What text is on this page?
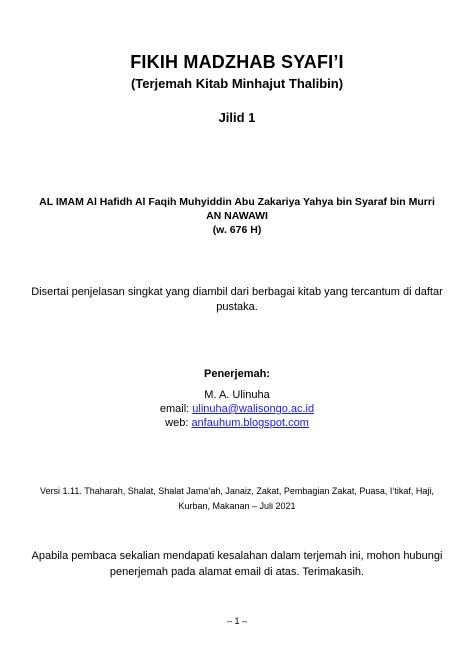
FIKIH MADZHAB SYAFI’I
(Terjemah Kitab Minhajut Thalibin)
Jilid 1
AL IMAM Al Hafidh Al Faqih Muhyiddin Abu Zakariya Yahya bin Syaraf bin Murri
AN NAWAWI
(w. 676 H)
Disertai penjelasan singkat yang diambil dari berbagai kitab yang tercantum di daftar
pustaka.
Penerjemah:
M. A. Ulinuha
email: ulinuha@walisongo.ac.id
web: anfauhum.blogspot.com
Versi 1.11. Thaharah, Shalat, Shalat Jama’ah, Janaiz, Zakat, Pembagian Zakat, Puasa, I’tikaf, Haji,
Kurban, Makanan – Juli 2021
Apabila pembaca sekalian mendapati kesalahan dalam terjemah ini, mohon hubungi
penerjemah pada alamat email di atas. Terimakasih.
– 1 –
